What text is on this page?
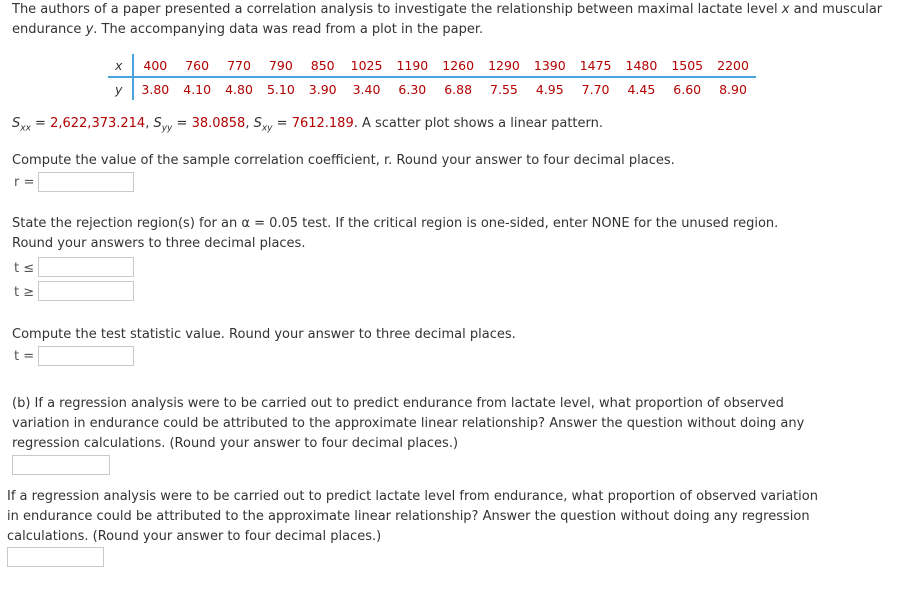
The authors of a paper presented a correlation analysis to investigate the relationship between maximal lactate level x and muscular
endurance y. The accompanying data was read from a plot in the paper.
x	400	760	770	790	850	1025	1190	1260	1290	1390	1475	1480	1505	2200
y	3.80	4.10	4.80	5.10	3.90	3.40	6.30	6.88	7.55	4.95	7.70	4.45	6.60	8.90
$S_{xx} = 2,622,373.214$, $S_{yy} = 38.0858$, $S_{xy} = 7612.189$. A scatter plot shows a linear pattern.
Compute the value of the sample correlation coefficient, r. Round your answer to four decimal places.
r =
State the rejection region(s) for an α = 0.05 test. If the critical region is one-sided, enter NONE for the unused region.
Round your answers to three decimal places.
t ≤
t ≥
Compute the test statistic value. Round your answer to three decimal places.
t =
(b) If a regression analysis were to be carried out to predict endurance from lactate level, what proportion of observed
variation in endurance could be attributed to the approximate linear relationship? Answer the question without doing any
regression calculations. (Round your answer to four decimal places.)
If a regression analysis were to be carried out to predict lactate level from endurance, what proportion of observed variation
in endurance could be attributed to the approximate linear relationship? Answer the question without doing any regression
calculations. (Round your answer to four decimal places.)
